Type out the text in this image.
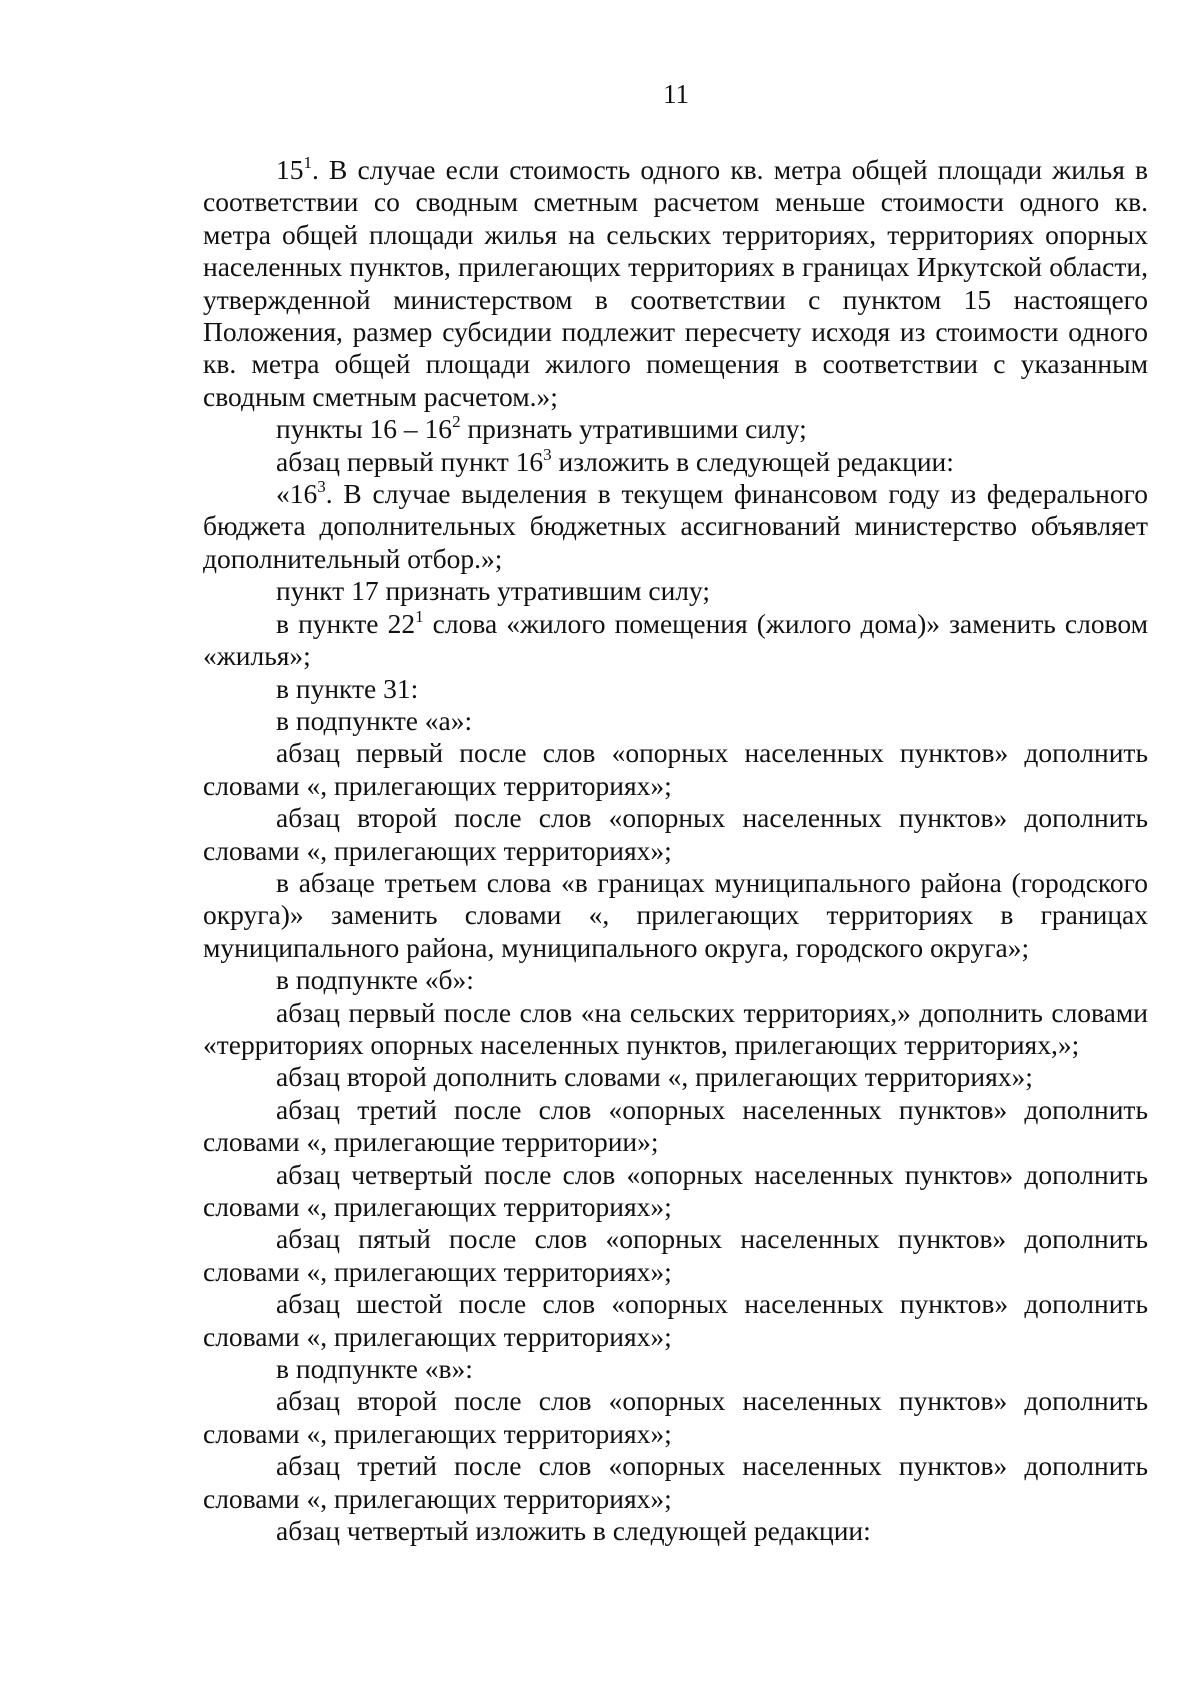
11

$15^1$. В случае если стоимость одного кв. метра общей площади жилья в соответствии со сводным сметным расчетом меньше стоимости одного кв. метра общей площади жилья на сельских территориях, территориях опорных населенных пунктов, прилегающих территориях в границах Иркутской области, утвержденной министерством в соответствии с пунктом 15 настоящего Положения, размер субсидии подлежит пересчету исходя из стоимости одного кв. метра общей площади жилого помещения в соответствии с указанным сводным сметным расчетом.»;

пункты $16 - 16^2$ признать утратившими силу;

абзац первый пункт $16^3$ изложить в следующей редакции:

«$16^3$. В случае выделения в текущем финансовом году из федерального бюджета дополнительных бюджетных ассигнований министерство объявляет дополнительный отбор.»;

пункт 17 признать утратившим силу;

в пункте $22^1$ слова «жилого помещения (жилого дома)» заменить словом «жилья»;

в пункте 31:

в подпункте «а»:

абзац первый после слов «опорных населенных пунктов» дополнить словами «, прилегающих территориях»;

абзац второй после слов «опорных населенных пунктов» дополнить словами «, прилегающих территориях»;

в абзаце третьем слова «в границах муниципального района (городского округа)» заменить словами «, прилегающих территориях в границах муниципального района, муниципального округа, городского округа»;

в подпункте «б»:

абзац первый после слов «на сельских территориях,» дополнить словами «территориях опорных населенных пунктов, прилегающих территориях,»;

абзац второй дополнить словами «, прилегающих территориях»;

абзац третий после слов «опорных населенных пунктов» дополнить словами «, прилегающие территории»;

абзац четвертый после слов «опорных населенных пунктов» дополнить словами «, прилегающих территориях»;

абзац пятый после слов «опорных населенных пунктов» дополнить словами «, прилегающих территориях»;

абзац шестой после слов «опорных населенных пунктов» дополнить словами «, прилегающих территориях»;

в подпункте «в»:

абзац второй после слов «опорных населенных пунктов» дополнить словами «, прилегающих территориях»;

абзац третий после слов «опорных населенных пунктов» дополнить словами «, прилегающих территориях»;

абзац четвертый изложить в следующей редакции:
